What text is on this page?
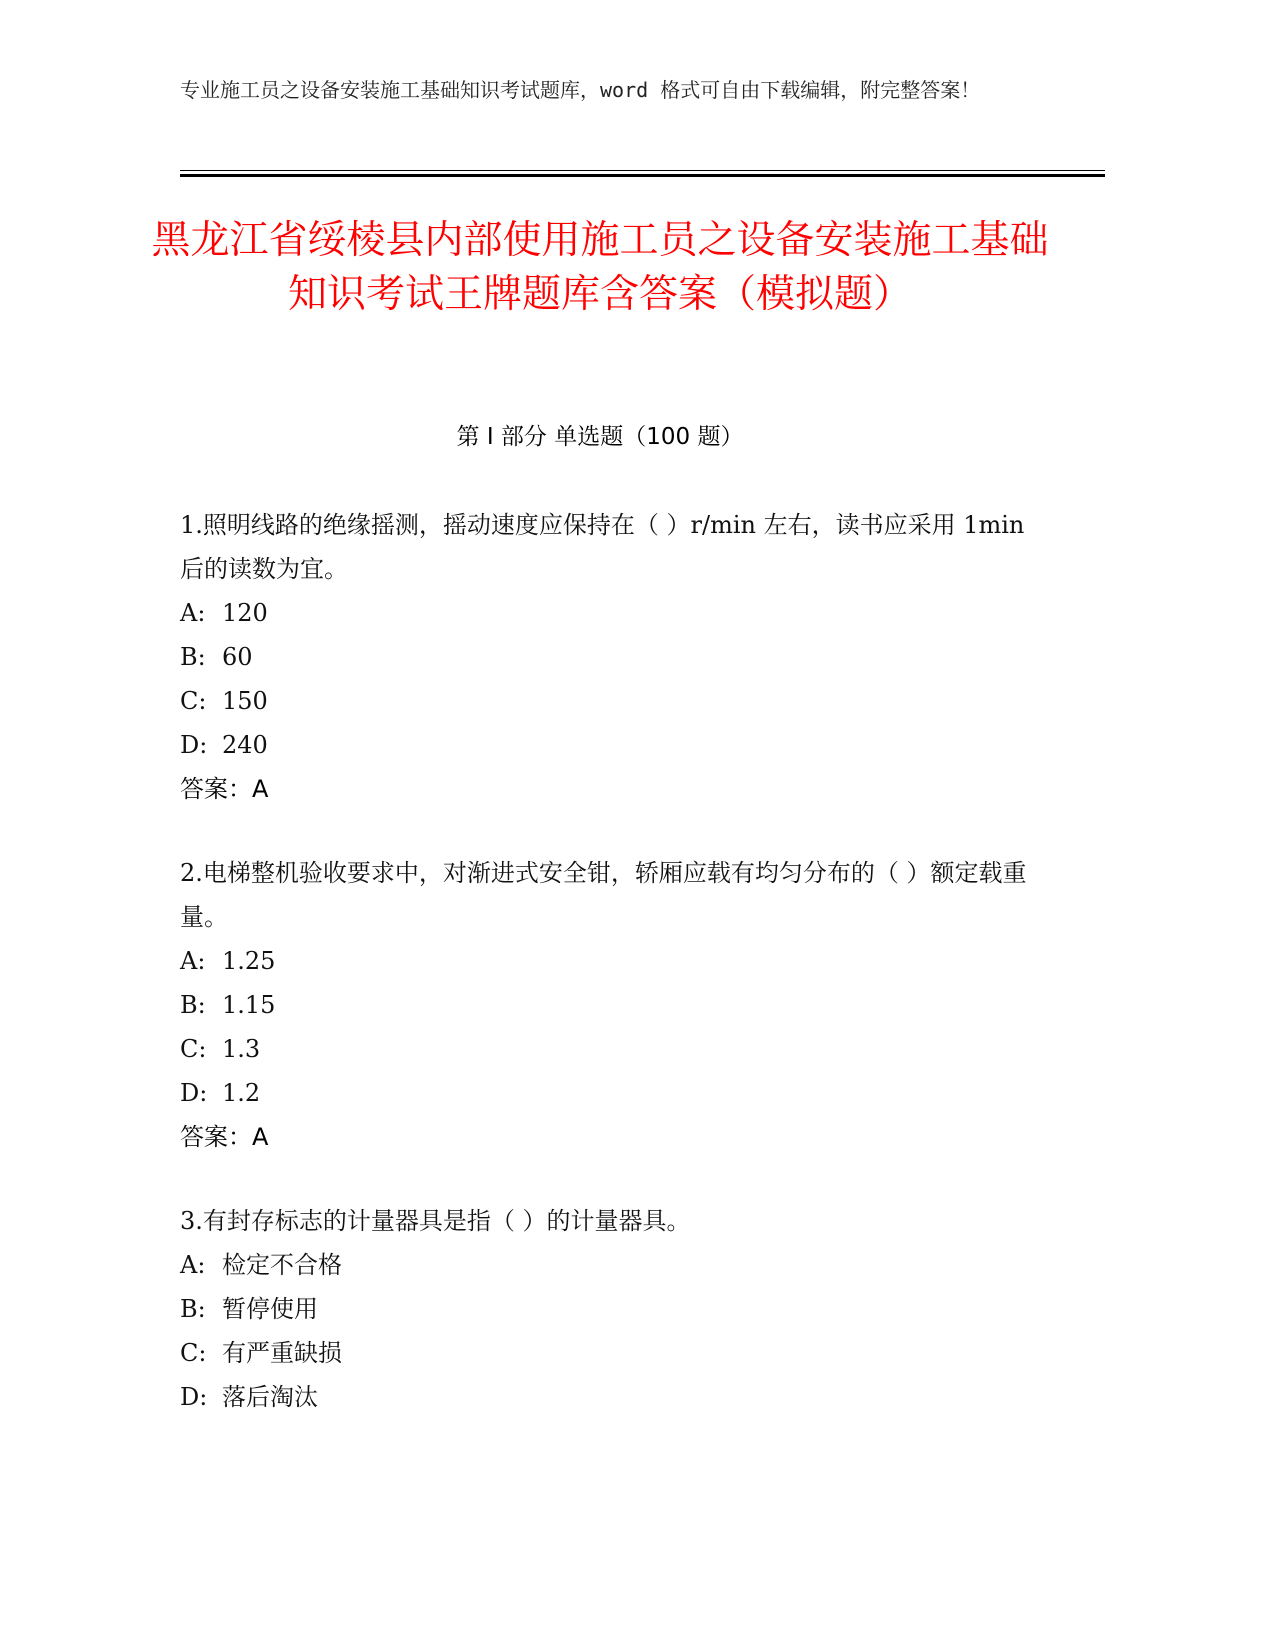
专业施工员之设备安装施工基础知识考试题库，word 格式可自由下载编辑，附完整答案！
黑龙江省绥棱县内部使用施工员之设备安装施工基础知识考试王牌题库含答案（模拟题）
第 I 部分 单选题（100 题）
1.照明线路的绝缘摇测，摇动速度应保持在（ ）r/min 左右，读书应采用 1min 后的读数为宜。
A: 120
B: 60
C: 150
D: 240
答案：A
2.电梯整机验收要求中，对渐进式安全钳，轿厢应载有均匀分布的（ ）额定载重量。
A: 1.25
B: 1.15
C: 1.3
D: 1.2
答案：A
3.有封存标志的计量器具是指（ ）的计量器具。
A: 检定不合格
B: 暂停使用
C: 有严重缺损
D: 落后淘汰
